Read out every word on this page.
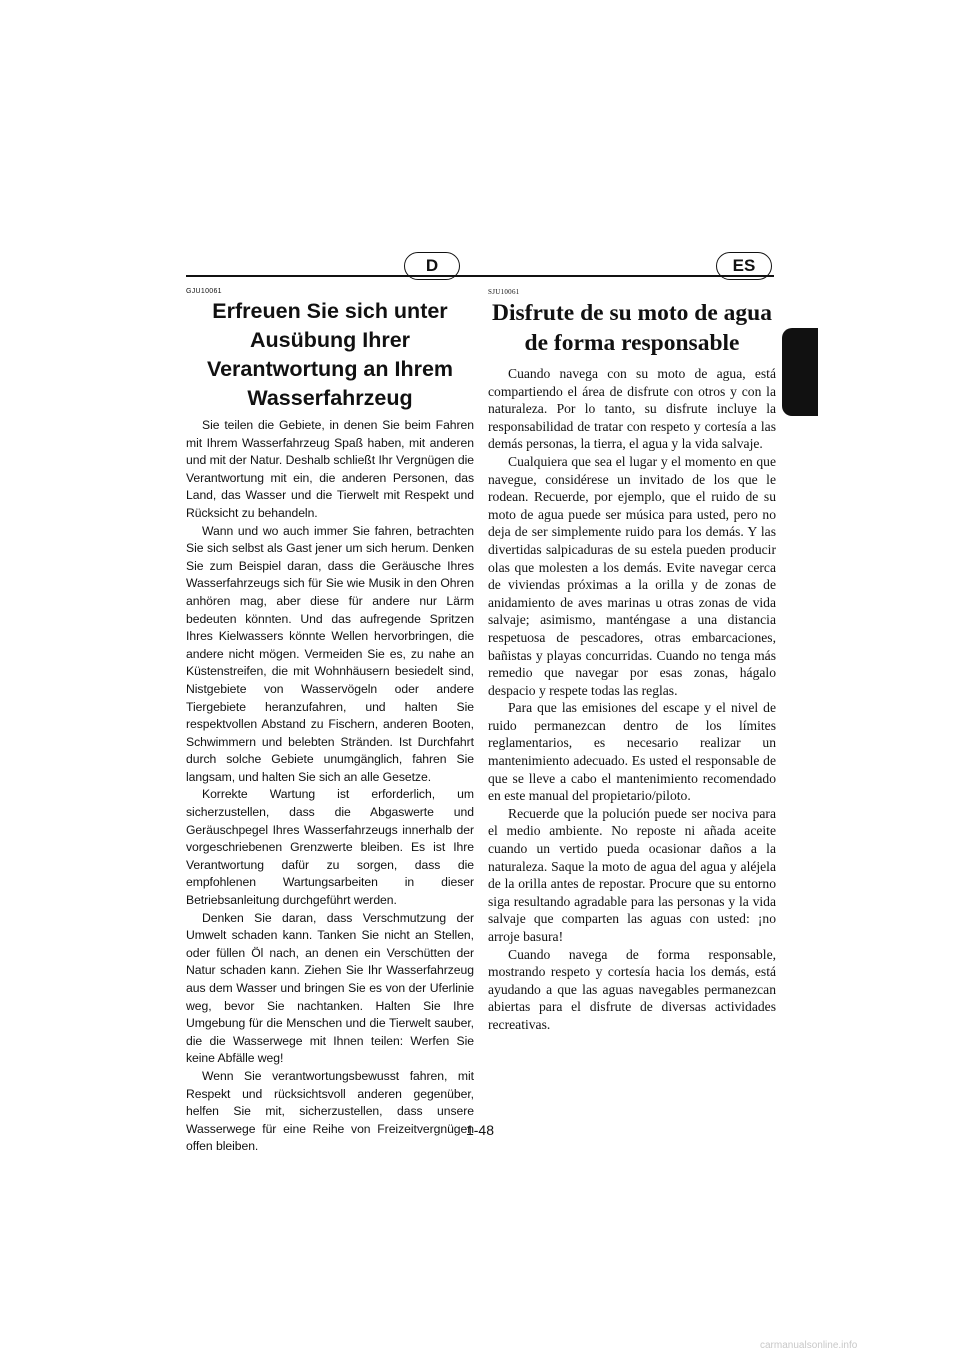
D	ES
GJU10061
Erfreuen Sie sich unter Ausübung Ihrer Verantwortung an Ihrem Wasserfahrzeug

Sie teilen die Gebiete, in denen Sie beim Fahren mit Ihrem Wasserfahrzeug Spaß haben, mit anderen und mit der Natur. Deshalb schließt Ihr Vergnügen die Verantwortung mit ein, die anderen Personen, das Land, das Wasser und die Tierwelt mit Respekt und Rücksicht zu behandeln.

Wann und wo auch immer Sie fahren, betrachten Sie sich selbst als Gast jener um sich herum. Denken Sie zum Beispiel daran, dass die Geräusche Ihres Wasserfahrzeugs sich für Sie wie Musik in den Ohren anhören mag, aber diese für andere nur Lärm bedeuten könnten. Und das aufregende Spritzen Ihres Kielwassers könnte Wellen hervorbringen, die andere nicht mögen. Vermeiden Sie es, zu nahe an Küstenstreifen, die mit Wohnhäusern besiedelt sind, Nistgebiete von Wasservögeln oder andere Tiergebiete heranzufahren, und halten Sie respektvollen Abstand zu Fischern, anderen Booten, Schwimmern und belebten Stränden. Ist Durchfahrt durch solche Gebiete unumgänglich, fahren Sie langsam, und halten Sie sich an alle Gesetze.

Korrekte Wartung ist erforderlich, um sicherzustellen, dass die Abgaswerte und Geräuschpegel Ihres Wasserfahrzeugs innerhalb der vorgeschriebenen Grenzwerte bleiben. Es ist Ihre Verantwortung dafür zu sorgen, dass die empfohlenen Wartungsarbeiten in dieser Betriebsanleitung durchgeführt werden.

Denken Sie daran, dass Verschmutzung der Umwelt schaden kann. Tanken Sie nicht an Stellen, oder füllen Öl nach, an denen ein Verschütten der Natur schaden kann. Ziehen Sie Ihr Wasserfahrzeug aus dem Wasser und bringen Sie es von der Uferlinie weg, bevor Sie nachtanken. Halten Sie Ihre Umgebung für die Menschen und die Tierwelt sauber, die die Wasserwege mit Ihnen teilen: Werfen Sie keine Abfälle weg!

Wenn Sie verantwortungsbewusst fahren, mit Respekt und rücksichtsvoll anderen gegenüber, helfen Sie mit, sicherzustellen, dass unsere Wasserwege für eine Reihe von Freizeitvergnügen offen bleiben.

SJU10061
Disfrute de su moto de agua de forma responsable

Cuando navega con su moto de agua, está compartiendo el área de disfrute con otros y con la naturaleza. Por lo tanto, su disfrute incluye la responsabilidad de tratar con respeto y cortesía a las demás personas, la tierra, el agua y la vida salvaje.

Cualquiera que sea el lugar y el momento en que navegue, considérese un invitado de los que le rodean. Recuerde, por ejemplo, que el ruido de su moto de agua puede ser música para usted, pero no deja de ser simplemente ruido para los demás. Y las divertidas salpicaduras de su estela pueden producir olas que molesten a los demás. Evite navegar cerca de viviendas próximas a la orilla y de zonas de anidamiento de aves marinas u otras zonas de vida salvaje; asimismo, manténgase a una distancia respetuosa de pescadores, otras embarcaciones, bañistas y playas concurridas. Cuando no tenga más remedio que navegar por esas zonas, hágalo despacio y respete todas las reglas.

Para que las emisiones del escape y el nivel de ruido permanezcan dentro de los límites reglamentarios, es necesario realizar un mantenimiento adecuado. Es usted el responsable de que se lleve a cabo el mantenimiento recomendado en este manual del propietario/piloto.

Recuerde que la polución puede ser nociva para el medio ambiente. No reposte ni añada aceite cuando un vertido pueda ocasionar daños a la naturaleza. Saque la moto de agua del agua y aléjela de la orilla antes de repostar. Procure que su entorno siga resultando agradable para las personas y la vida salvaje que comparten las aguas con usted: ¡no arroje basura!

Cuando navega de forma responsable, mostrando respeto y cortesía hacia los demás, está ayudando a que las aguas navegables permanezcan abiertas para el disfrute de diversas actividades recreativas.

1-48
carmanualsonline.info
